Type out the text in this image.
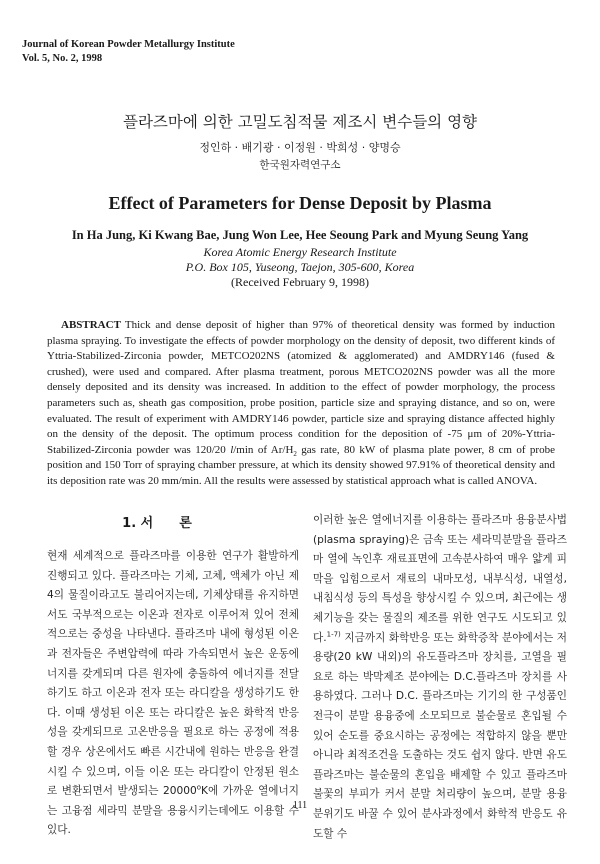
Journal of Korean Powder Metallurgy Institute
Vol. 5, No. 2, 1998
플라즈마에 의한 고밀도침적물 제조시 변수들의 영향
정인하 · 배기광 · 이정원 · 박희성 · 양명승
한국원자력연구소
Effect of Parameters for Dense Deposit by Plasma
In Ha Jung, Ki Kwang Bae, Jung Won Lee, Hee Seoung Park and Myung Seung Yang
Korea Atomic Energy Research Institute
P.O. Box 105, Yuseong, Taejon, 305-600, Korea
(Received February 9, 1998)
ABSTRACT Thick and dense deposit of higher than 97% of theoretical density was formed by induction plasma spraying. To investigate the effects of powder morphology on the density of deposit, two different kinds of Yttria-Stabilized-Zirconia powder, METCO202NS (atomized & agglomerated) and AMDRY146 (fused & crushed), were used and compared. After plasma treatment, porous METCO202NS powder was all the more densely deposited and its density was increased. In addition to the effect of powder morphology, the process parameters such as, sheath gas composition, probe position, particle size and spraying distance, and so on, were evaluated. The result of experiment with AMDRY146 powder, particle size and spraying distance affected highly on the density of the deposit. The optimum process condition for the deposition of -75 μm of 20%-Yttria-Stabilized-Zirconia powder was 120/20 l/min of $Ar/H_2$ gas rate, 80 kW of plasma plate power, 8 cm of probe position and 150 Torr of spraying chamber pressure, at which its density showed 97.91% of theoretical density and its deposition rate was 20 mm/min. All the results were assessed by statistical approach what is called ANOVA.
1. 서　　론
현재 세계적으로 플라즈마를 이용한 연구가 활발하게 진행되고 있다. 플라즈마는 기체, 고체, 액체가 아닌 제 4의 물질이라고도 불리어지는데, 기체상태를 유지하면서도 국부적으로는 이온과 전자로 이루어져 있어 전체적으로는 중성을 나타낸다. 플라즈마 내에 형성된 이온과 전자들은 주변압력에 따라 가속되면서 높은 운동에너지를 갖게되며 다른 원자에 충돌하여 에너지를 전달하기도 하고 이온과 전자 또는 라디칼을 생성하기도 한다. 이때 생성된 이온 또는 라디칼은 높은 화학적 반응성을 갖게되므로 고온반응을 필요로 하는 공정에 적용할 경우 상온에서도 빠른 시간내에 원하는 반응을 완결시킬 수 있으며, 이들 이온 또는 라디칼이 안정된 원소로 변환되면서 발생되는 20000$^o$K에 가까운 열에너지는 고융점 세라믹 분말을 용융시키는데에도 이용할 수 있다.
이러한 높은 열에너지를 이용하는 플라즈마 용융분사법(plasma spraying)은 금속 또는 세라믹분말을 플라즈마 열에 녹인후 재료표면에 고속분사하여 매우 얇게 피막을 입힘으로서 재료의 내마모성, 내부식성, 내열성, 내침식성 등의 특성을 향상시킬 수 있으며, 최근에는 생체기능을 갖는 물질의 제조를 위한 연구도 시도되고 있다.$^{1-7)}$ 지금까지 화학반응 또는 화학증착 분야에서는 저용량(20 kW 내외)의 유도플라즈마 장치를, 고열을 필요로 하는 박막제조 분야에는 D.C.플라즈마 장치를 사용하였다. 그러나 D.C. 플라즈마는 기기의 한 구성품인 전극이 분말 용융중에 소모되므로 불순물로 혼입될 수 있어 순도를 중요시하는 공정에는 적합하지 않을 뿐만 아니라 최적조건을 도출하는 것도 쉽지 않다. 반면 유도플라즈마는 불순물의 혼입을 배제할 수 있고 플라즈마 불꽃의 부피가 커서 분말 처리량이 높으며, 분말 용융 분위기도 바꿀 수 있어 분사과정에서 화학적 반응도 유도할 수
111
